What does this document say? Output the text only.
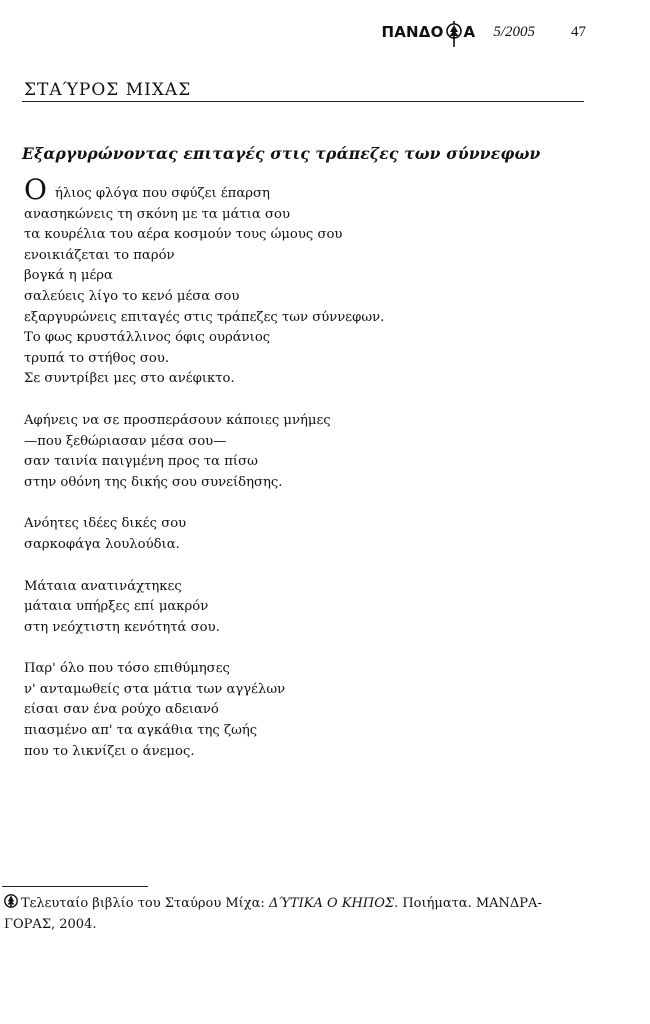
ΠΑΝΔΟ Α 5/2005 47
ΣΤΑΎΡΟΣ ΜΙΧΑΣ
Εξαργυρώνοντας επιταγές στις τράπεζες των σύννεφων
Οήλιος φλόγα που σφύζει έπαρση
ανασηκώνεις τη σκόνη με τα μάτια σου
τα κουρέλια του αέρα κοσμούν τους ώμους σου
ενοικιάζεται το παρόν
βογκά η μέρα
σαλεύεις λίγο το κενό μέσα σου
εξαργυρώνεις επιταγές στις τράπεζες των σύννεφων.
Το φως κρυστάλλινος όφις ουράνιος
τρυπά το στήθος σου.
Σε συντρίβει μες στο ανέφικτο.
Αφήνεις να σε προσπεράσουν κάποιες μνήμες
—που ξεθώριασαν μέσα σου—
σαν ταινία παιγμένη προς τα πίσω
στην οθόνη της δικής σου συνείδησης.
Ανόητες ιδέες δικές σου
σαρκοφάγα λουλούδια.
Μάταια ανατινάχτηκες
μάταια υπήρξες επί μακρόν
στη νεόχτιστη κενότητά σου.
Παρ' όλο που τόσο επιθύμησες
ν' ανταμωθείς στα μάτια των αγγέλων
είσαι σαν ένα ρούχο αδειανό
πιασμένο απ' τα αγκάθια της ζωής
που το λικνίζει ο άνεμος.
Τελευταίο βιβλίο του Σταύρου Μίχα: ΔΎΤΙΚΑ Ο ΚΗΠΟΣ. Ποιήματα. ΜΑΝΔΡΑ-ΓΟΡΑΣ, 2004.
